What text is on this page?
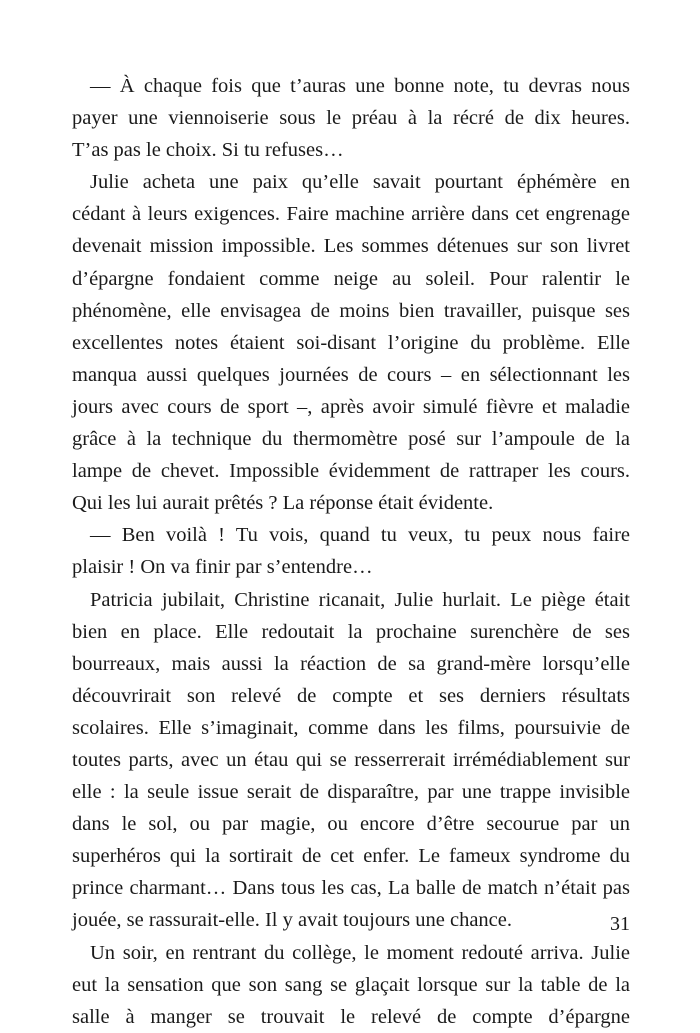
— À chaque fois que t’auras une bonne note, tu devras nous
payer une viennoiserie sous le préau à la récré de dix heures.
T’as pas le choix. Si tu refuses…
Julie acheta une paix qu’elle savait pourtant éphémère en
cédant à leurs exigences. Faire machine arrière dans cet engrenage
devenait mission impossible. Les sommes détenues sur son livret
d’épargne fondaient comme neige au soleil. Pour ralentir le
phénomène, elle envisagea de moins bien travailler, puisque ses
excellentes notes étaient soi-disant l’origine du problème. Elle
manqua aussi quelques journées de cours – en sélectionnant les
jours avec cours de sport –, après avoir simulé fièvre et maladie
grâce à la technique du thermomètre posé sur l’ampoule de la
lampe de chevet. Impossible évidemment de rattraper les cours.
Qui les lui aurait prêtés ? La réponse était évidente.
— Ben voilà ! Tu vois, quand tu veux, tu peux nous faire
plaisir ! On va finir par s’entendre…
Patricia jubilait, Christine ricanait, Julie hurlait. Le piège était
bien en place. Elle redoutait la prochaine surenchère de ses
bourreaux, mais aussi la réaction de sa grand-mère lorsqu’elle
découvrirait son relevé de compte et ses derniers résultats
scolaires. Elle s’imaginait, comme dans les films, poursuivie de
toutes parts, avec un étau qui se resserrerait irrémédiablement sur
elle : la seule issue serait de disparaître, par une trappe invisible
dans le sol, ou par magie, ou encore d’être secourue par un
superhéros qui la sortirait de cet enfer. Le fameux syndrome du
prince charmant… Dans tous les cas, La balle de match n’était pas
jouée, se rassurait-elle. Il y avait toujours une chance.
Un soir, en rentrant du collège, le moment redouté arriva. Julie
eut la sensation que son sang se glaçait lorsque sur la table de la
salle à manger se trouvait le relevé de compte d’épargne
31
